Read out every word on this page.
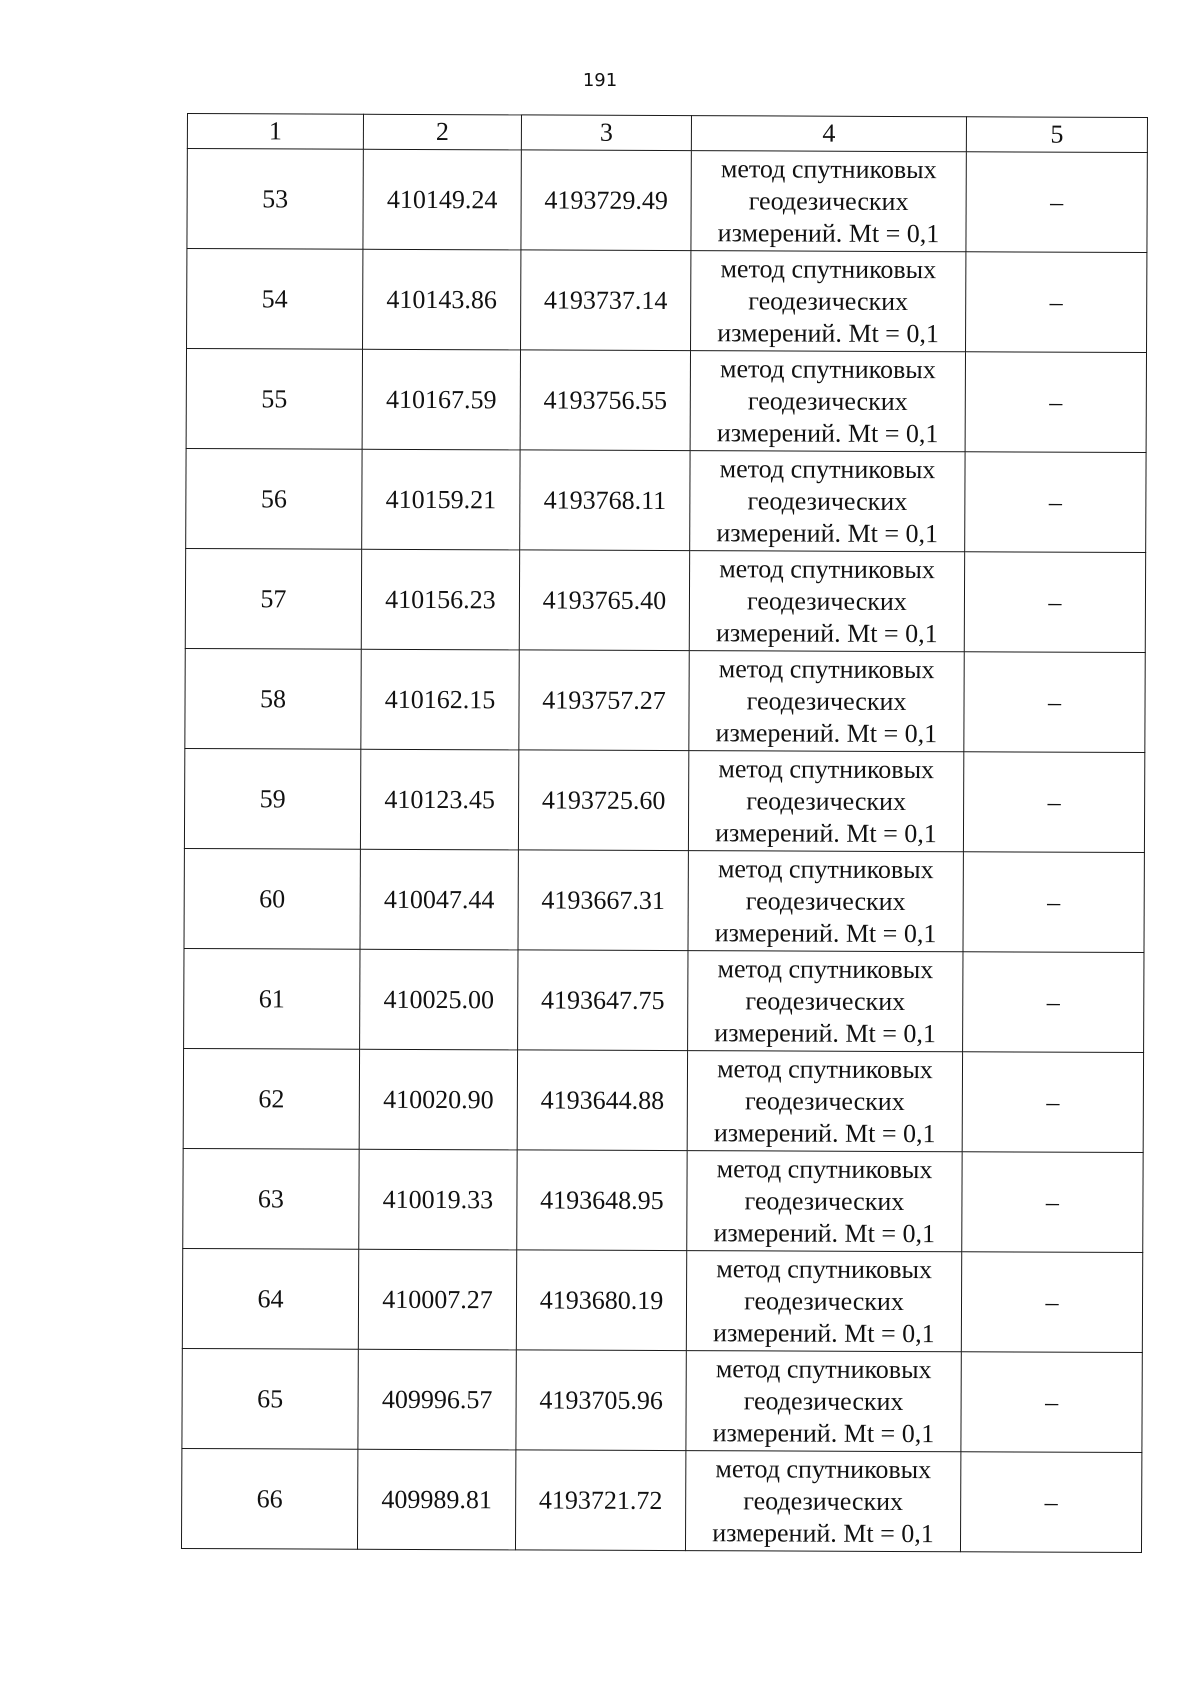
191
1	2	3	4	5
53	410149.24	4193729.49	метод спутниковых
геодезических
измерений. Mt = 0,1	–
54	410143.86	4193737.14	метод спутниковых
геодезических
измерений. Mt = 0,1	–
55	410167.59	4193756.55	метод спутниковых
геодезических
измерений. Mt = 0,1	–
56	410159.21	4193768.11	метод спутниковых
геодезических
измерений. Mt = 0,1	–
57	410156.23	4193765.40	метод спутниковых
геодезических
измерений. Mt = 0,1	–
58	410162.15	4193757.27	метод спутниковых
геодезических
измерений. Mt = 0,1	–
59	410123.45	4193725.60	метод спутниковых
геодезических
измерений. Mt = 0,1	–
60	410047.44	4193667.31	метод спутниковых
геодезических
измерений. Mt = 0,1	–
61	410025.00	4193647.75	метод спутниковых
геодезических
измерений. Mt = 0,1	–
62	410020.90	4193644.88	метод спутниковых
геодезических
измерений. Mt = 0,1	–
63	410019.33	4193648.95	метод спутниковых
геодезических
измерений. Mt = 0,1	–
64	410007.27	4193680.19	метод спутниковых
геодезических
измерений. Mt = 0,1	–
65	409996.57	4193705.96	метод спутниковых
геодезических
измерений. Mt = 0,1	–
66	409989.81	4193721.72	метод спутниковых
геодезических
измерений. Mt = 0,1	–
